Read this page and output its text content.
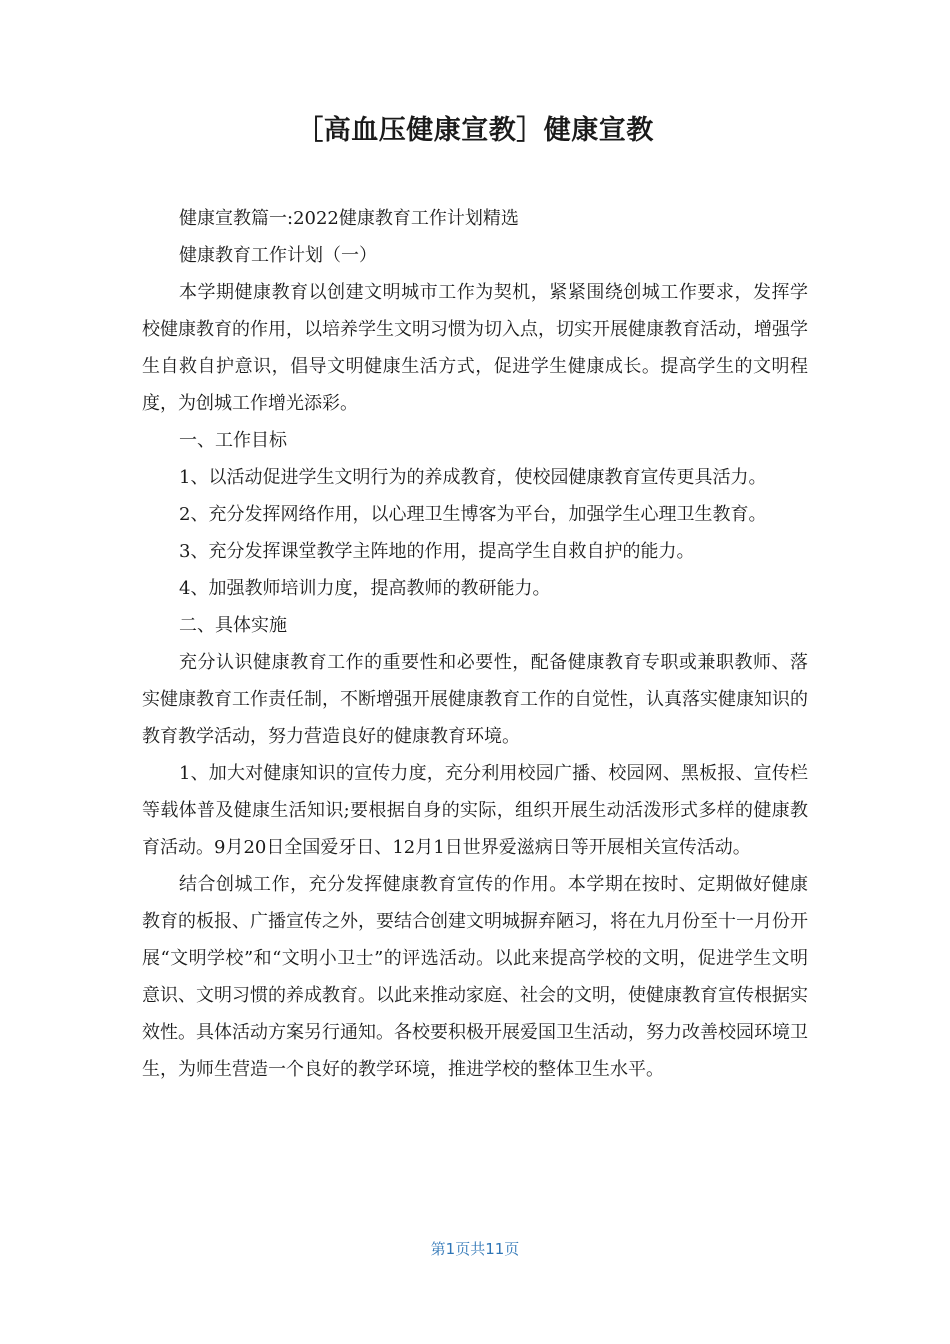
［高血压健康宣教］健康宣教

健康宣教篇一:2022健康教育工作计划精选

健康教育工作计划（一）

本学期健康教育以创建文明城市工作为契机，紧紧围绕创城工作要求，发挥学校健康教育的作用，以培养学生文明习惯为切入点，切实开展健康教育活动，增强学生自救自护意识，倡导文明健康生活方式，促进学生健康成长。提高学生的文明程度，为创城工作增光添彩。

一、工作目标

1、以活动促进学生文明行为的养成教育，使校园健康教育宣传更具活力。

2、充分发挥网络作用，以心理卫生博客为平台，加强学生心理卫生教育。

3、充分发挥课堂教学主阵地的作用，提高学生自救自护的能力。

4、加强教师培训力度，提高教师的教研能力。

二、具体实施

充分认识健康教育工作的重要性和必要性，配备健康教育专职或兼职教师、落实健康教育工作责任制，不断增强开展健康教育工作的自觉性，认真落实健康知识的教育教学活动，努力营造良好的健康教育环境。

1、加大对健康知识的宣传力度，充分利用校园广播、校园网、黑板报、宣传栏等载体普及健康生活知识;要根据自身的实际，组织开展生动活泼形式多样的健康教育活动。9月20日全国爱牙日、12月1日世界爱滋病日等开展相关宣传活动。

结合创城工作，充分发挥健康教育宣传的作用。本学期在按时、定期做好健康教育的板报、广播宣传之外，要结合创建文明城摒弃陋习，将在九月份至十一月份开展“文明学校”和“文明小卫士”的评选活动。以此来提高学校的文明，促进学生文明意识、文明习惯的养成教育。以此来推动家庭、社会的文明，使健康教育宣传根据实效性。具体活动方案另行通知。各校要积极开展爱国卫生活动，努力改善校园环境卫生，为师生营造一个良好的教学环境，推进学校的整体卫生水平。

第1页共11页
